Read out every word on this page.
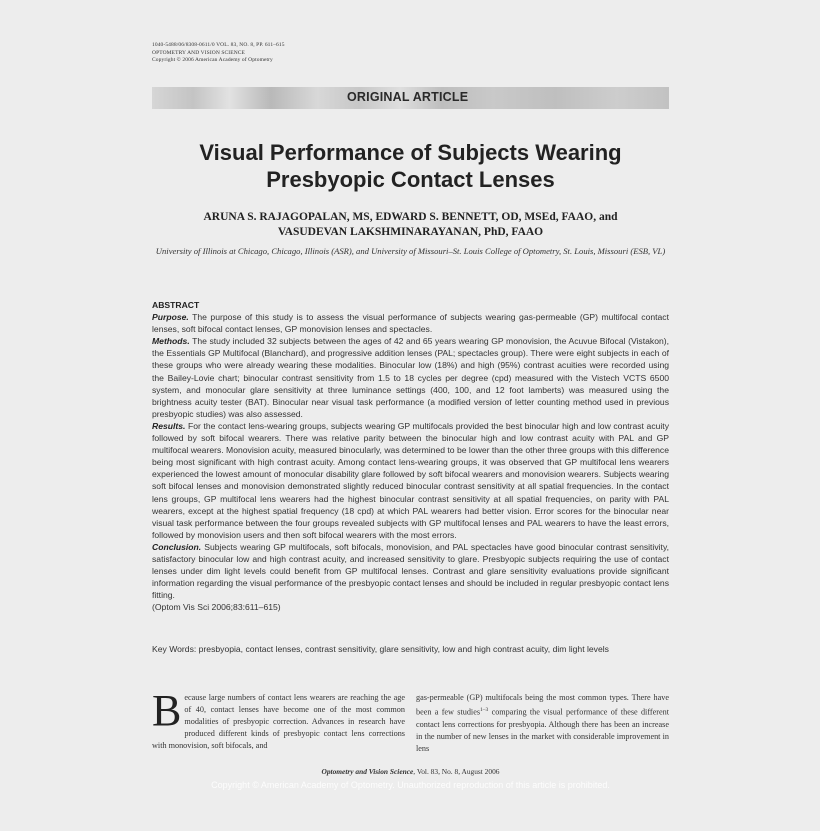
1040-5488/06/8308-0611/0 VOL. 83, NO. 8, PP. 611–615
OPTOMETRY AND VISION SCIENCE
Copyright © 2006 American Academy of Optometry
ORIGINAL ARTICLE
Visual Performance of Subjects Wearing
Presbyopic Contact Lenses
ARUNA S. RAJAGOPALAN, MS, EDWARD S. BENNETT, OD, MSEd, FAAO, and
VASUDEVAN LAKSHMINARAYANAN, PhD, FAAO
University of Illinois at Chicago, Chicago, Illinois (ASR), and University of Missouri–St. Louis College of Optometry, St. Louis, Missouri (ESB, VL)

ABSTRACT

Purpose. The purpose of this study is to assess the visual performance of subjects wearing gas-permeable (GP) multifocal contact lenses, soft bifocal contact lenses, GP monovision lenses and spectacles.

Methods. The study included 32 subjects between the ages of 42 and 65 years wearing GP monovision, the Acuvue Bifocal (Vistakon), the Essentials GP Multifocal (Blanchard), and progressive addition lenses (PAL; spectacles group). There were eight subjects in each of these groups who were already wearing these modalities. Binocular low (18%) and high (95%) contrast acuities were recorded using the Bailey-Lovie chart; binocular contrast sensitivity from 1.5 to 18 cycles per degree (cpd) measured with the Vistech VCTS 6500 system, and monocular glare sensitivity at three luminance settings (400, 100, and 12 foot lamberts) was measured using the brightness acuity tester (BAT). Binocular near visual task performance (a modified version of letter counting method used in previous presbyopic studies) was also assessed.

Results. For the contact lens-wearing groups, subjects wearing GP multifocals provided the best binocular high and low contrast acuity followed by soft bifocal wearers. There was relative parity between the binocular high and low contrast acuity with PAL and GP multifocal wearers. Monovision acuity, measured binocularly, was determined to be lower than the other three groups with this difference being most significant with high contrast acuity. Among contact lens-wearing groups, it was observed that GP multifocal lens wearers experienced the lowest amount of monocular disability glare followed by soft bifocal wearers and monovision wearers. Subjects wearing soft bifocal lenses and monovision demonstrated slightly reduced binocular contrast sensitivity at all spatial frequencies. In the contact lens groups, GP multifocal lens wearers had the highest binocular contrast sensitivity at all spatial frequencies, on parity with PAL wearers, except at the highest spatial frequency (18 cpd) at which PAL wearers had better vision. Error scores for the binocular near visual task performance between the four groups revealed subjects with GP multifocal lenses and PAL wearers to have the least errors, followed by monovision users and then soft bifocal wearers with the most errors.

Conclusion. Subjects wearing GP multifocals, soft bifocals, monovision, and PAL spectacles have good binocular contrast sensitivity, satisfactory binocular low and high contrast acuity, and increased sensitivity to glare. Presbyopic subjects requiring the use of contact lenses under dim light levels could benefit from GP multifocal lenses. Contrast and glare sensitivity evaluations provide significant information regarding the visual performance of the presbyopic contact lenses and should be included in regular presbyopic contact lens fitting.

(Optom Vis Sci 2006;83:611–615)

Key Words: presbyopia, contact lenses, contrast sensitivity, glare sensitivity, low and high contrast acuity, dim light levels
Because large numbers of contact lens wearers are reaching the age of 40, contact lenses have become one of the most common modalities of presbyopic correction. Advances in research have produced different kinds of presbyopic contact lens corrections with monovision, soft bifocals, and
gas-permeable (GP) multifocals being the most common types. There have been a few studies$^{1-3}$ comparing the visual performance of these different contact lens corrections for presbyopia. Although there has been an increase in the number of new lenses in the market with considerable improvement in lens
Optometry and Vision Science, Vol. 83, No. 8, August 2006
Copyright © American Academy of Optometry. Unauthorized reproduction of this article is prohibited.
